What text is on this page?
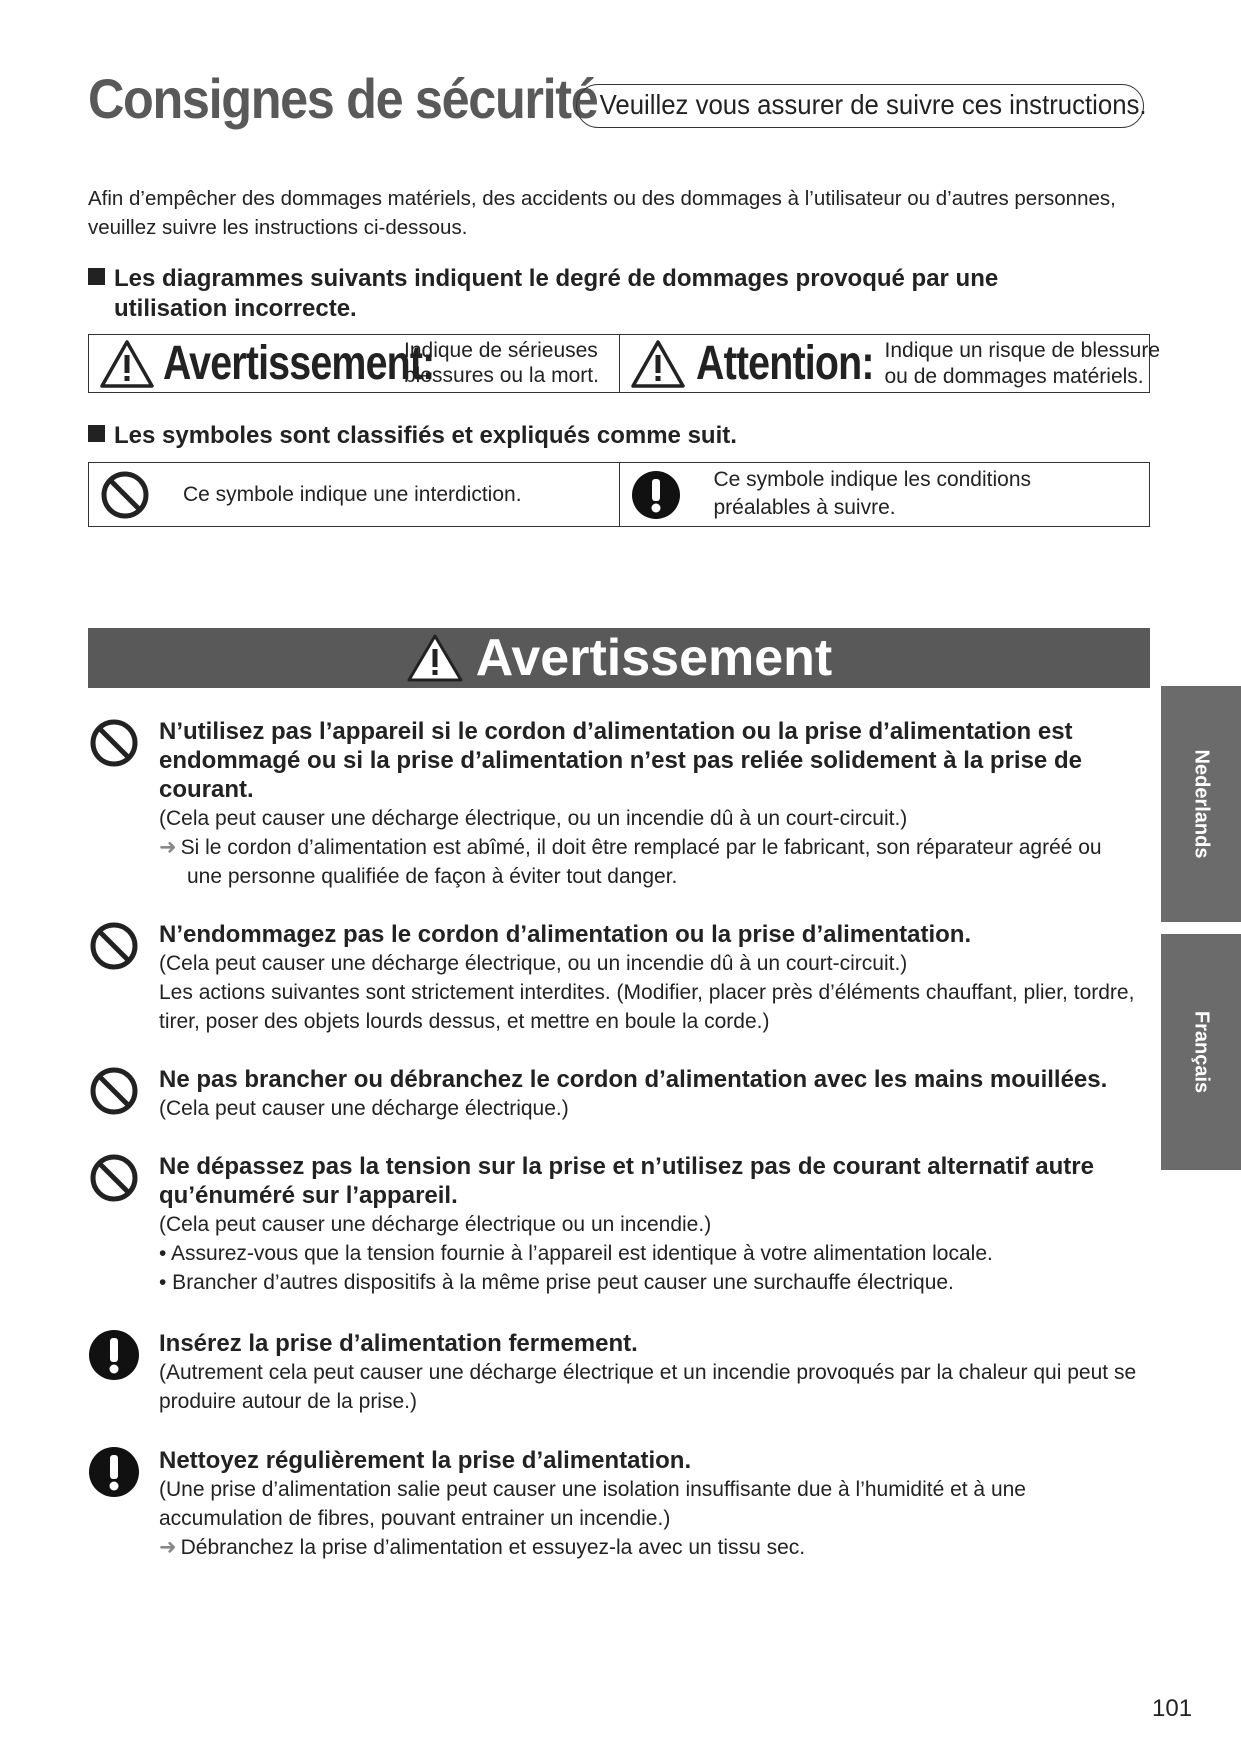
Consignes de sécurité Veuillez vous assurer de suivre ces instructions.
Afin d’empêcher des dommages matériels, des accidents ou des dommages à l’utilisateur ou d’autres personnes, veuillez suivre les instructions ci-dessous.
Les diagrammes suivants indiquent le degré de dommages provoqué par une utilisation incorrecte.
Avertissement:
Indique de sérieuses
blessures ou la mort. Attention: Indique un risque de blessure
ou de dommages matériels.
Les symboles sont classifiés et expliqués comme suit.
Ce symbole indique une interdiction.
Ce symbole indique les conditions préalables à suivre.
Avertissement
Nederlands
Français
N’utilisez pas l’appareil si le cordon d’alimentation ou la prise d’alimentation est endommagé ou si la prise d’alimentation n’est pas reliée solidement à la prise de courant.
(Cela peut causer une décharge électrique, ou un incendie dû à un court-circuit.)
➜ Si le cordon d’alimentation est abîmé, il doit être remplacé par le fabricant, son réparateur agréé ou une personne qualifiée de façon à éviter tout danger.
N’endommagez pas le cordon d’alimentation ou la prise d’alimentation.
(Cela peut causer une décharge électrique, ou un incendie dû à un court-circuit.)
Les actions suivantes sont strictement interdites. (Modifier, placer près d’éléments chauffant, plier, tordre, tirer, poser des objets lourds dessus, et mettre en boule la corde.)
Ne pas brancher ou débranchez le cordon d’alimentation avec les mains mouillées.
(Cela peut causer une décharge électrique.)
Ne dépassez pas la tension sur la prise et n’utilisez pas de courant alternatif autre qu’énuméré sur l’appareil.
(Cela peut causer une décharge électrique ou un incendie.)
• Assurez-vous que la tension fournie à l’appareil est identique à votre alimentation locale.
• Brancher d’autres dispositifs à la même prise peut causer une surchauffe électrique.
Insérez la prise d’alimentation fermement.
(Autrement cela peut causer une décharge électrique et un incendie provoqués par la chaleur qui peut se produire autour de la prise.)
Nettoyez régulièrement la prise d’alimentation.
(Une prise d’alimentation salie peut causer une isolation insuffisante due à l’humidité et à une accumulation de fibres, pouvant entrainer un incendie.)
➜ Débranchez la prise d’alimentation et essuyez-la avec un tissu sec.
101
